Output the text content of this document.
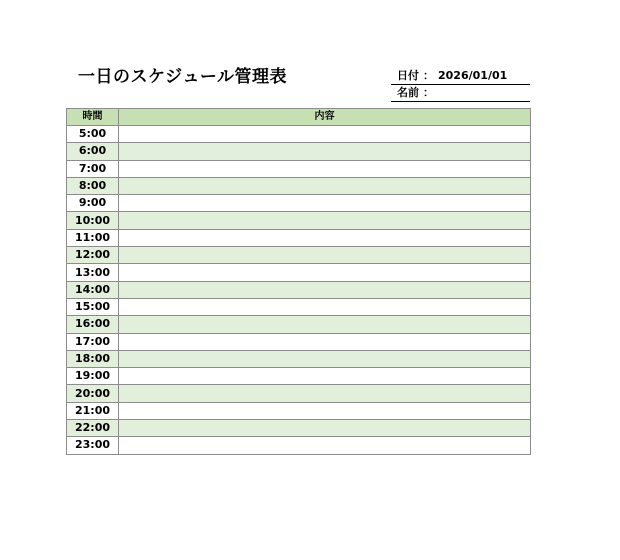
一日のスケジュール管理表	日付 ： 2026/01/01
名前 ：
時間	内容
5:00	
6:00	
7:00	
8:00	
9:00	
10:00	
11:00	
12:00	
13:00	
14:00	
15:00	
16:00	
17:00	
18:00	
19:00	
20:00	
21:00	
22:00	
23:00	
